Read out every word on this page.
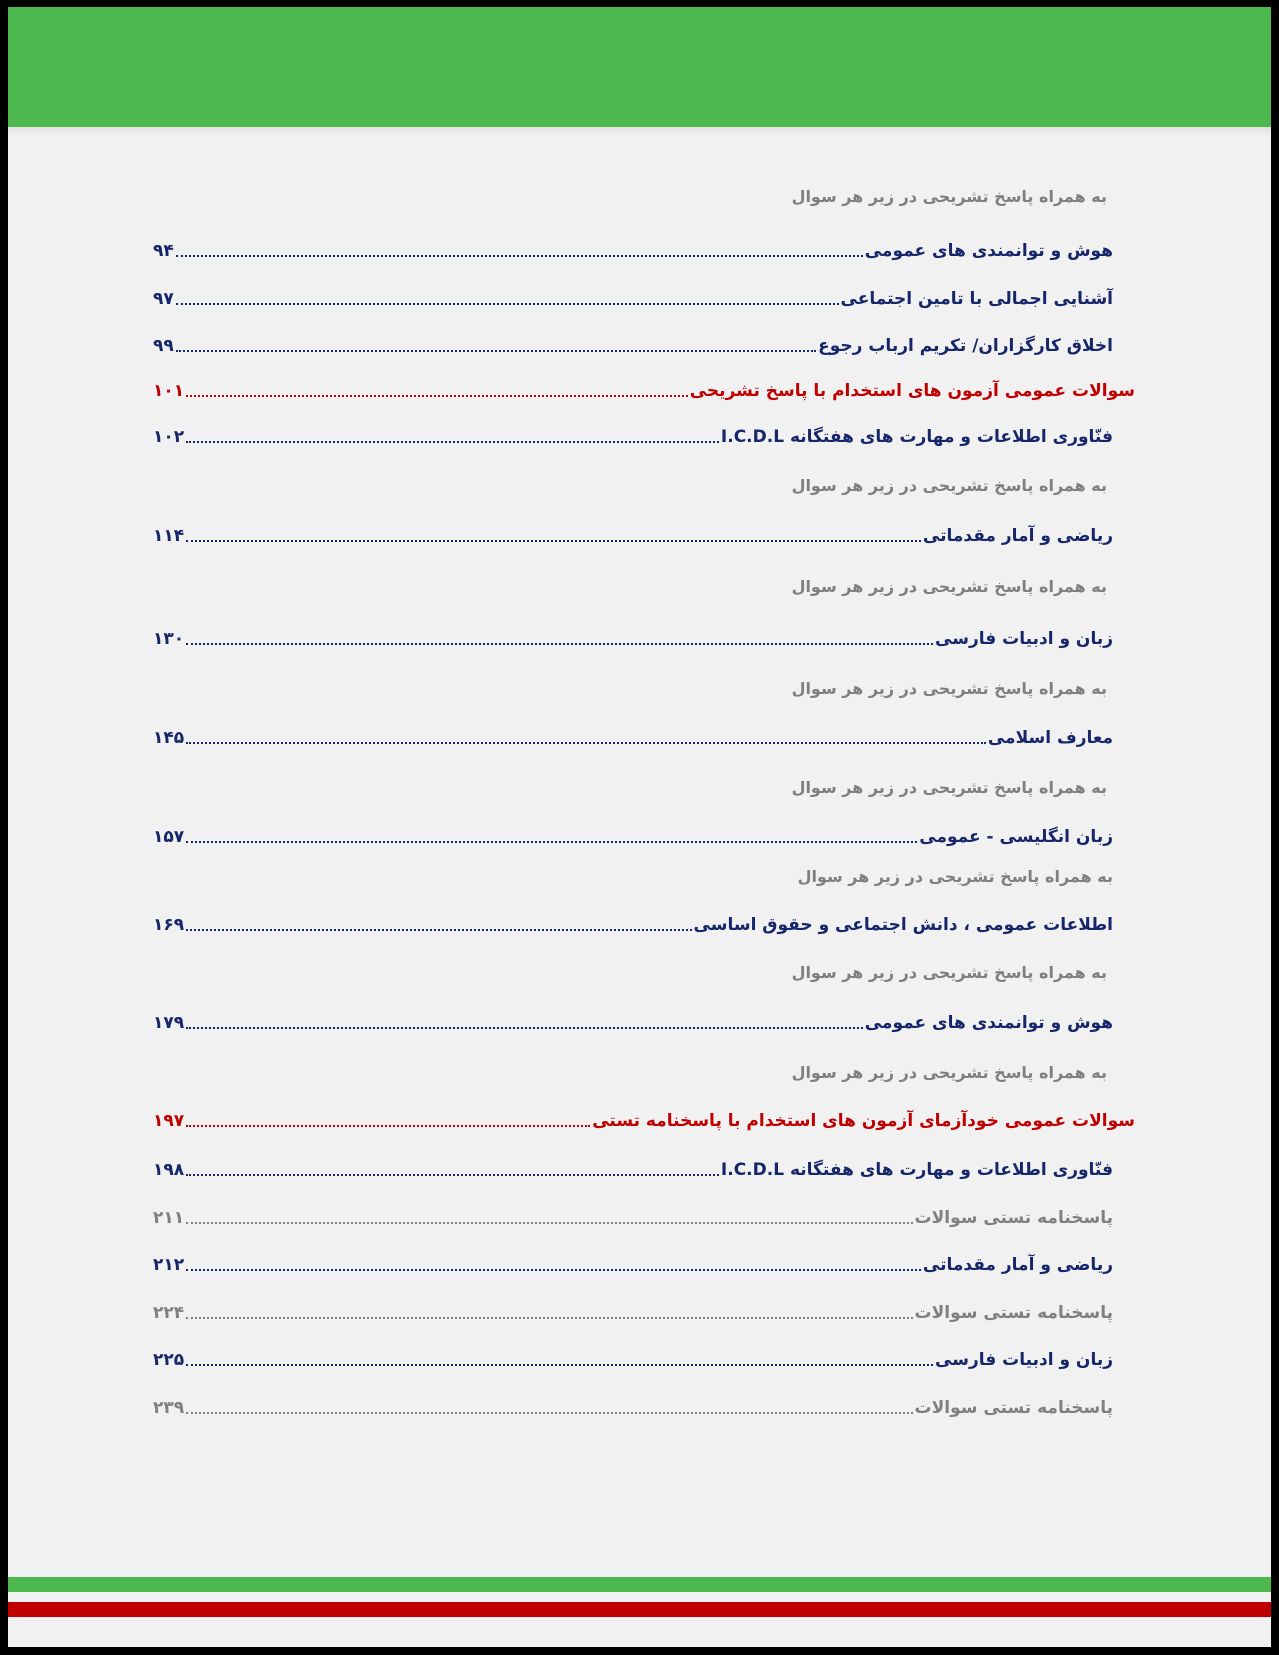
به همراه پاسخ تشریحی در زیر هر سوال
هوش و توانمندی های عمومی
۹۴
آشنایی اجمالی با تامین اجتماعی
۹۷
اخلاق کارگزاران/ تکریم ارباب رجوع
۹۹
سوالات عمومی آزمون های استخدام با پاسخ تشریحی
۱۰۱
فنّاوری اطلاعات و مهارت های هفتگانه I.C.D.L
۱۰۲
به همراه پاسخ تشریحی در زیر هر سوال
ریاضی و آمار مقدماتی
۱۱۴
به همراه پاسخ تشریحی در زیر هر سوال
زبان و ادبیات فارسی
۱۳۰
به همراه پاسخ تشریحی در زیر هر سوال
معارف اسلامی
۱۴۵
به همراه پاسخ تشریحی در زیر هر سوال
زبان انگلیسی - عمومی
۱۵۷
به همراه پاسخ تشریحی در زیر هر سوال
اطلاعات عمومی ، دانش اجتماعی و حقوق اساسی
۱۶۹
به همراه پاسخ تشریحی در زیر هر سوال
هوش و توانمندی های عمومی
۱۷۹
به همراه پاسخ تشریحی در زیر هر سوال
سوالات عمومی خودآزمای آزمون های استخدام با پاسخنامه تستی
۱۹۷
فنّاوری اطلاعات و مهارت های هفتگانه I.C.D.L
۱۹۸
پاسخنامه تستی سوالات
۲۱۱
ریاضی و آمار مقدماتی
۲۱۲
پاسخنامه تستی سوالات
۲۲۴
زبان و ادبیات فارسی
۲۲۵
پاسخنامه تستی سوالات
۲۳۹
